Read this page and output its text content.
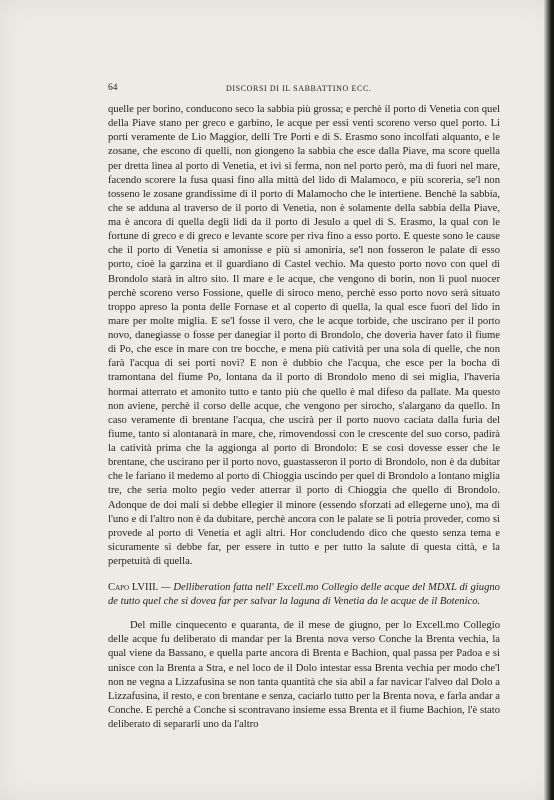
64	DISCORSI DI IL SABBATTINO ECC.

quelle per borino, conducono seco la sabbia più grossa; e perchè il porto di Venetia con quel della Piave stano per greco e garbino, le acque per essi venti scoreno verso quel porto. Li porti veramente de Lio Maggior, delli Tre Porti e di S. Erasmo sono incolfati alquanto, e le zosane, che escono di quelli, non giongeno la sabbia che esce dalla Piave, ma score quella per dretta linea al porto di Venetia, et ivi si ferma, non nel porto però, ma di fuori nel mare, facendo scorere la fusa quasi fino alla mittà del lido di Malamoco, e più scoreria, se'l non tosseno le zosane grandissime di il porto di Malamocho che le intertiene. Benchè la sabbia, che se adduna al traverso de il porto di Venetia, non è solamente della sabbia della Piave, ma è ancora di quella degli lidi da il porto di Jesulo a quel di S. Erasmo, la qual con le fortune di greco e di greco e levante score per riva fino a esso porto. E queste sono le cause che il porto di Venetia si amonisse e più si amoniria, se'l non fosseron le palate di esso porto, cioè la garzina et il guardiano di Castel vechio. Ma questo porto novo con quel di Brondolo starà in altro sito. Il mare e le acque, che vengono di borin, non li puol nuocer perchè scoreno verso Fossione, quelle di siroco meno, perchè esso porto novo serà situato troppo apreso la ponta delle Fornase et al coperto di quella, la qual esce fuori del lido in mare per molte miglia. E se'l fosse il vero, che le acque torbide, che uscirano per il porto novo, danegiasse o fosse per danegiar il porto di Brondolo, che doveria haver fato il fiume di Po, che esce in mare con tre bocche, e mena più catività per una sola di quelle, che non farà l'acqua di sei porti novi? E non è dubbio che l'acqua, che esce per la bocha di tramontana del fiume Po, lontana da il porto di Brondolo meno di sei miglia, l'haveria hormai atterrato et amonito tutto e tanto più che quello è mal difeso da pallate. Ma questo non aviene, perchè il corso delle acque, che vengono per sirocho, s'alargano da quello. In caso veramente di brentane l'acqua, che uscirà per il porto nuovo caciata dalla furia del fiume, tanto si alontanarà in mare, che, rimovendossi con le crescente del suo corso, padirà la catività prima che la aggionga al porto di Brondolo: E se così dovesse esser che le brentane, che uscirano per il porto novo, guastasseron il porto di Brondolo, non è da dubitar che le fariano il medemo al porto di Chioggia uscindo per quel di Brondolo a lontano miglia tre, che seria molto pegio veder atterrar il porto di Chioggia che quello di Brondolo. Adonque de doi mali si debbe ellegier il minore (essendo sforzati ad ellegerne uno), ma di l'uno e di l'altro non è da dubitare, perchè ancora con le palate se li potria proveder, como sì provede al porto di Venetia et agli altri. Hor concludendo dico che questo senza tema e sicuramente si debbe far, per essere in tutto e per tutto la salute di questa città, e la perpetuità di quella.

Capo LVIII. — Delliberation fatta nell' Excell.mo Collegio delle acque del MDXL di giugno de tutto quel che si dovea far per salvar la laguna di Venetia da le acque de il Botenico.

Del mille cinquecento e quaranta, de il mese de giugno, per lo Excell.mo Collegio delle acque fu deliberato di mandar per la Brenta nova verso Conche la Brenta vechia, la qual viene da Bassano, e quella parte ancora di Brenta e Bachion, qual passa per Padoa e si unisce con la Brenta a Stra, e nel loco de il Dolo intestar essa Brenta vechia per modo che'l non ne vegna a Lizzafusina se non tanta quantità che sia abil a far navicar l'alveo dal Dolo a Lizzafusina, il resto, e con brentane e senza, caciarlo tutto per la Brenta nova, e farla andar a Conche. E perchè a Conche si scontravano insieme essa Brenta et il fiume Bachion, l'è stato deliberato di separarli uno da l'altro
